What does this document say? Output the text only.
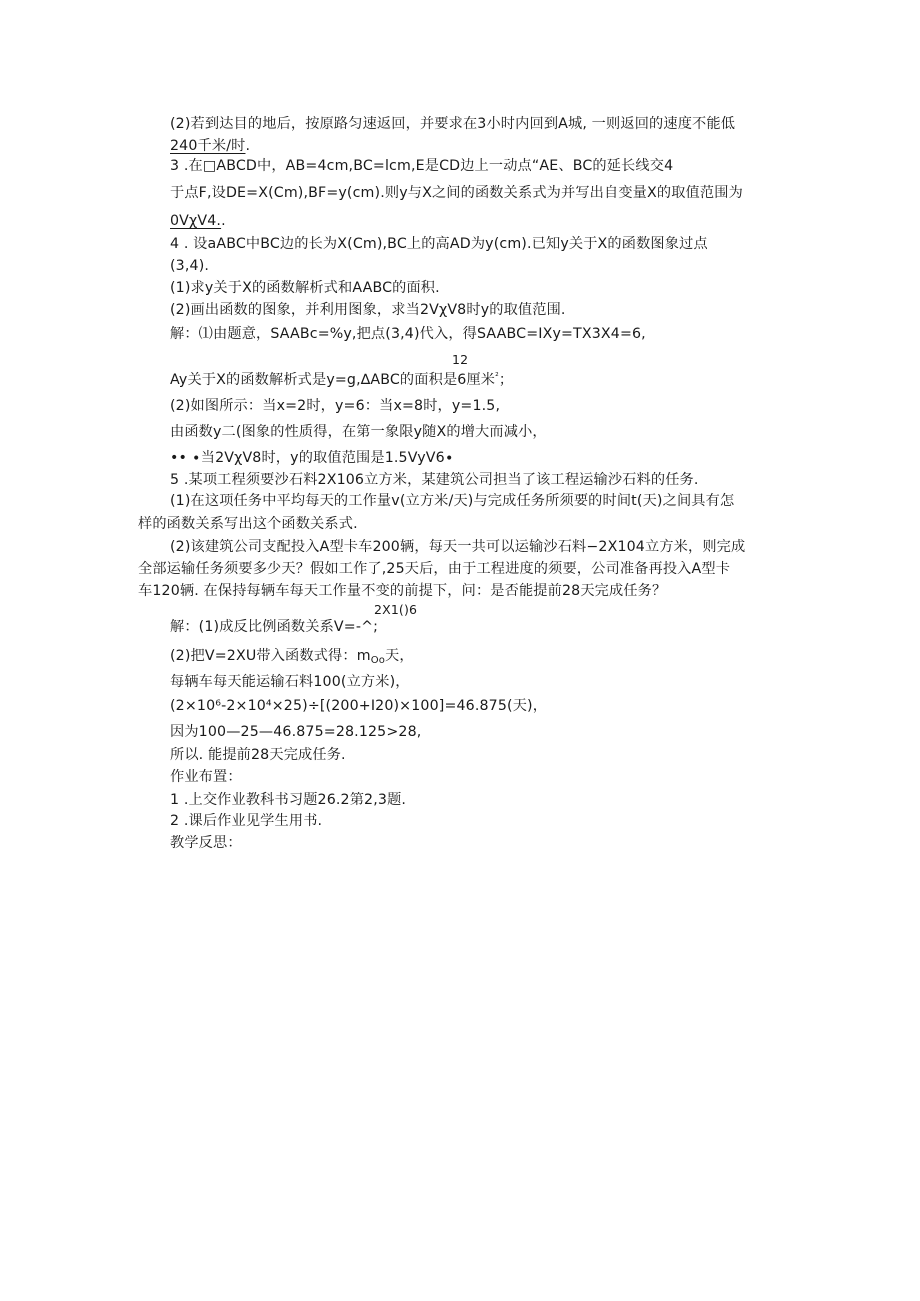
(2)若到达目的地后，按原路匀速返回，并要求在3小时内回到A城, 一则返回的速度不能低
240千米/时.
3 .在□ABCD中，AB=4cm,BC=lcm,E是CD边上一动点“AE、BC的延长线交4
于点F,设DE=X(Cm),BF=y(cm).则y与X之间的函数关系式为并写出自变量X的取值范围为
0VχV4..
4 . 设aABC中BC边的长为X(Cm),BC上的高AD为y(cm).已知y关于X的函数图象过点
(3,4).
(1)求y关于X的函数解析式和AABC的面积.
(2)画出函数的图象，并利用图象，求当2VχV8时y的取值范围.
解：⑴由题意，SAABc=%y,把点(3,4)代入，得SAABC=IXy=TX3X4=6,
12
Ay关于X的函数解析式是y=g,∆ABC的面积是6厘米$^{^2}$；
(2)如图所示：当x=2时，y=6：当x=8时，y=1.5,
由函数y二(图象的性质得，在第一象限y随X的增大而减小，
•• ∙当2VχV8时，y的取值范围是1.5VyV6∙
5 .某项工程须要沙石料2X106立方米，某建筑公司担当了该工程运输沙石料的任务.
(1)在这项任务中平均每天的工作量v(立方米/天)与完成任务所须要的时间t(天)之间具有怎
样的函数关系写出这个函数关系式.
(2)该建筑公司支配投入A型卡车200辆，每天一共可以运输沙石料−2X104立方米，则完成
全部运输任务须要多少天？假如工作了,25天后，由于工程进度的须要，公司准备再投入A型卡
车120辆. 在保持每辆车每天工作量不变的前提下，问：是否能提前28天完成任务？
2X1()6
解：(1)成反比例函数关系V=-^;
(2)把V=2XU带入函数式得：$m_{Oo}$天，
每辆车每天能运输石料100(立方米)，
(2×10⁶-2×10⁴×25)÷[(200+I20)×100]=46.875(天)，
因为100—25—46.875=28.125>28,
所以. 能提前28天完成任务.
作业布置：
1 .上交作业教科书习题26.2第2,3题.
2 .课后作业见学生用书.
教学反思：
